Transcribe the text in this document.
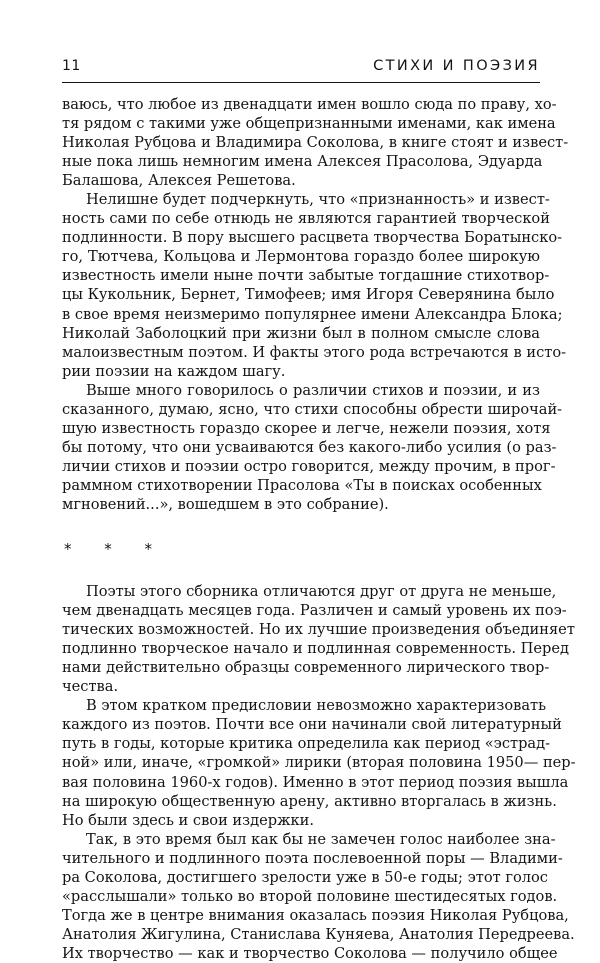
11	СТИХИ И ПОЭЗИЯ
ваюсь, что любое из двенадцати имен вошло сюда по праву, хо-
тя рядом с такими уже общепризнанными именами, как имена
Николая Рубцова и Владимира Соколова, в книге стоят и извест-
ные пока лишь немногим имена Алексея Прасолова, Эдуарда
Балашова, Алексея Решетова.
Нелишне будет подчеркнуть, что «признанность» и извест-
ность сами по себе отнюдь не являются гарантией творческой
подлинности. В пору высшего расцвета творчества Боратынско-
го, Тютчева, Кольцова и Лермонтова гораздо более широкую
известность имели ныне почти забытые тогдашние стихотвор-
цы Кукольник, Бернет, Тимофеев; имя Игоря Северянина было
в свое время неизмеримо популярнее имени Александра Блока;
Николай Заболоцкий при жизни был в полном смысле слова
малоизвестным поэтом. И факты этого рода встречаются в исто-
рии поэзии на каждом шагу.
Выше много говорилось о различии стихов и поэзии, и из
сказанного, думаю, ясно, что стихи способны обрести широчай-
шую известность гораздо скорее и легче, нежели поэзия, хотя
бы потому, что они усваиваются без какого-либо усилия (о раз-
личии стихов и поэзии остро говорится, между прочим, в прог-
раммном стихотворении Прасолова «Ты в поисках особенных
мгновений...», вошедшем в это собрание).
* * *
Поэты этого сборника отличаются друг от друга не меньше,
чем двенадцать месяцев года. Различен и самый уровень их поэ-
тических возможностей. Но их лучшие произведения объединяет
подлинно творческое начало и подлинная современность. Перед
нами действительно образцы современного лирического твор-
чества.
В этом кратком предисловии невозможно характеризовать
каждого из поэтов. Почти все они начинали свой литературный
путь в годы, которые критика определила как период «эстрад-
ной» или, иначе, «громкой» лирики (вторая половина 1950— пер-
вая половина 1960-х годов). Именно в этот период поэзия вышла
на широкую общественную арену, активно вторгалась в жизнь.
Но были здесь и свои издержки.
Так, в это время был как бы не замечен голос наиболее зна-
чительного и подлинного поэта послевоенной поры — Владими-
ра Соколова, достигшего зрелости уже в 50-е годы; этот голос
«расслышали» только во второй половине шестидесятых годов.
Тогда же в центре внимания оказалась поэзия Николая Рубцова,
Анатолия Жигулина, Станислава Куняева, Анатолия Передреева.
Их творчество — как и творчество Соколова — получило общее
